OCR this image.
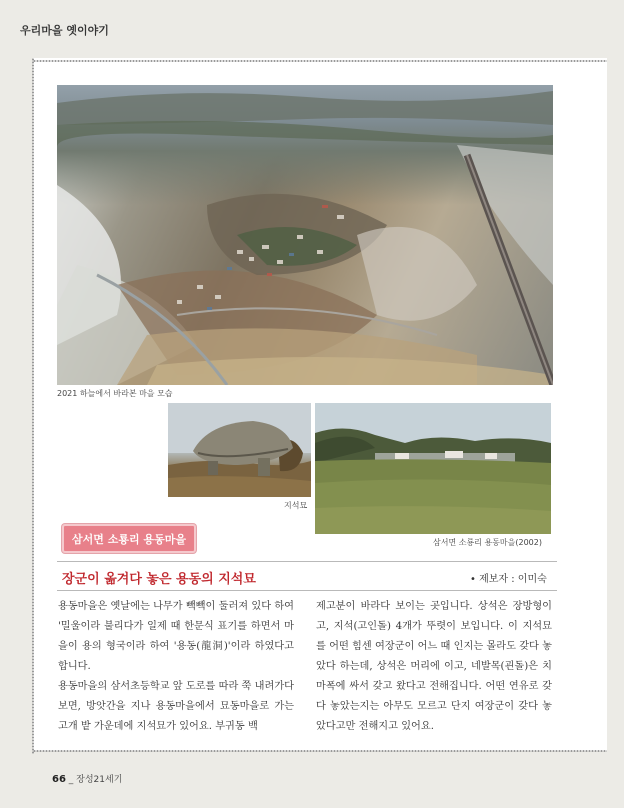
우리마을 옛이야기
2021 하늘에서 바라본 마을 모습
지석묘
삼서면 소룡리 용동마을(2002)
삼서면 소룡리 용동마을
장군이 옮겨다 놓은 용동의 지석묘	• 제보자 : 이미숙

용동마을은 옛날에는 나무가 빽빽이 둘러져 있다 하여 '밀울이라 불리다가 일제 때 한문식 표기를 하면서 마을이 용의 형국이라 하여 '용동(龍洞)'이라 하였다고 합니다.

용동마을의 삼서초등학교 앞 도로를 따라 쭉 내려가다 보면, 방앗간을 지나 용동마을에서 묘동마을로 가는 고개 밭 가운데에 지석묘가 있어요. 부귀동 백

제고분이 바라다 보이는 곳입니다. 상석은 장방형이고, 지석(고인돌) 4개가 뚜렷이 보입니다. 이 지석묘를 어떤 힘센 여장군이 어느 때 인지는 몰라도 갖다 놓았다 하는데, 상석은 머리에 이고, 네발목(괸돌)은 치마폭에 싸서 갖고 왔다고 전해집니다. 어떤 연유로 갖다 놓았는지는 아무도 모르고 단지 여장군이 갖다 놓았다고만 전해지고 있어요.

66 _ 장성21세기
